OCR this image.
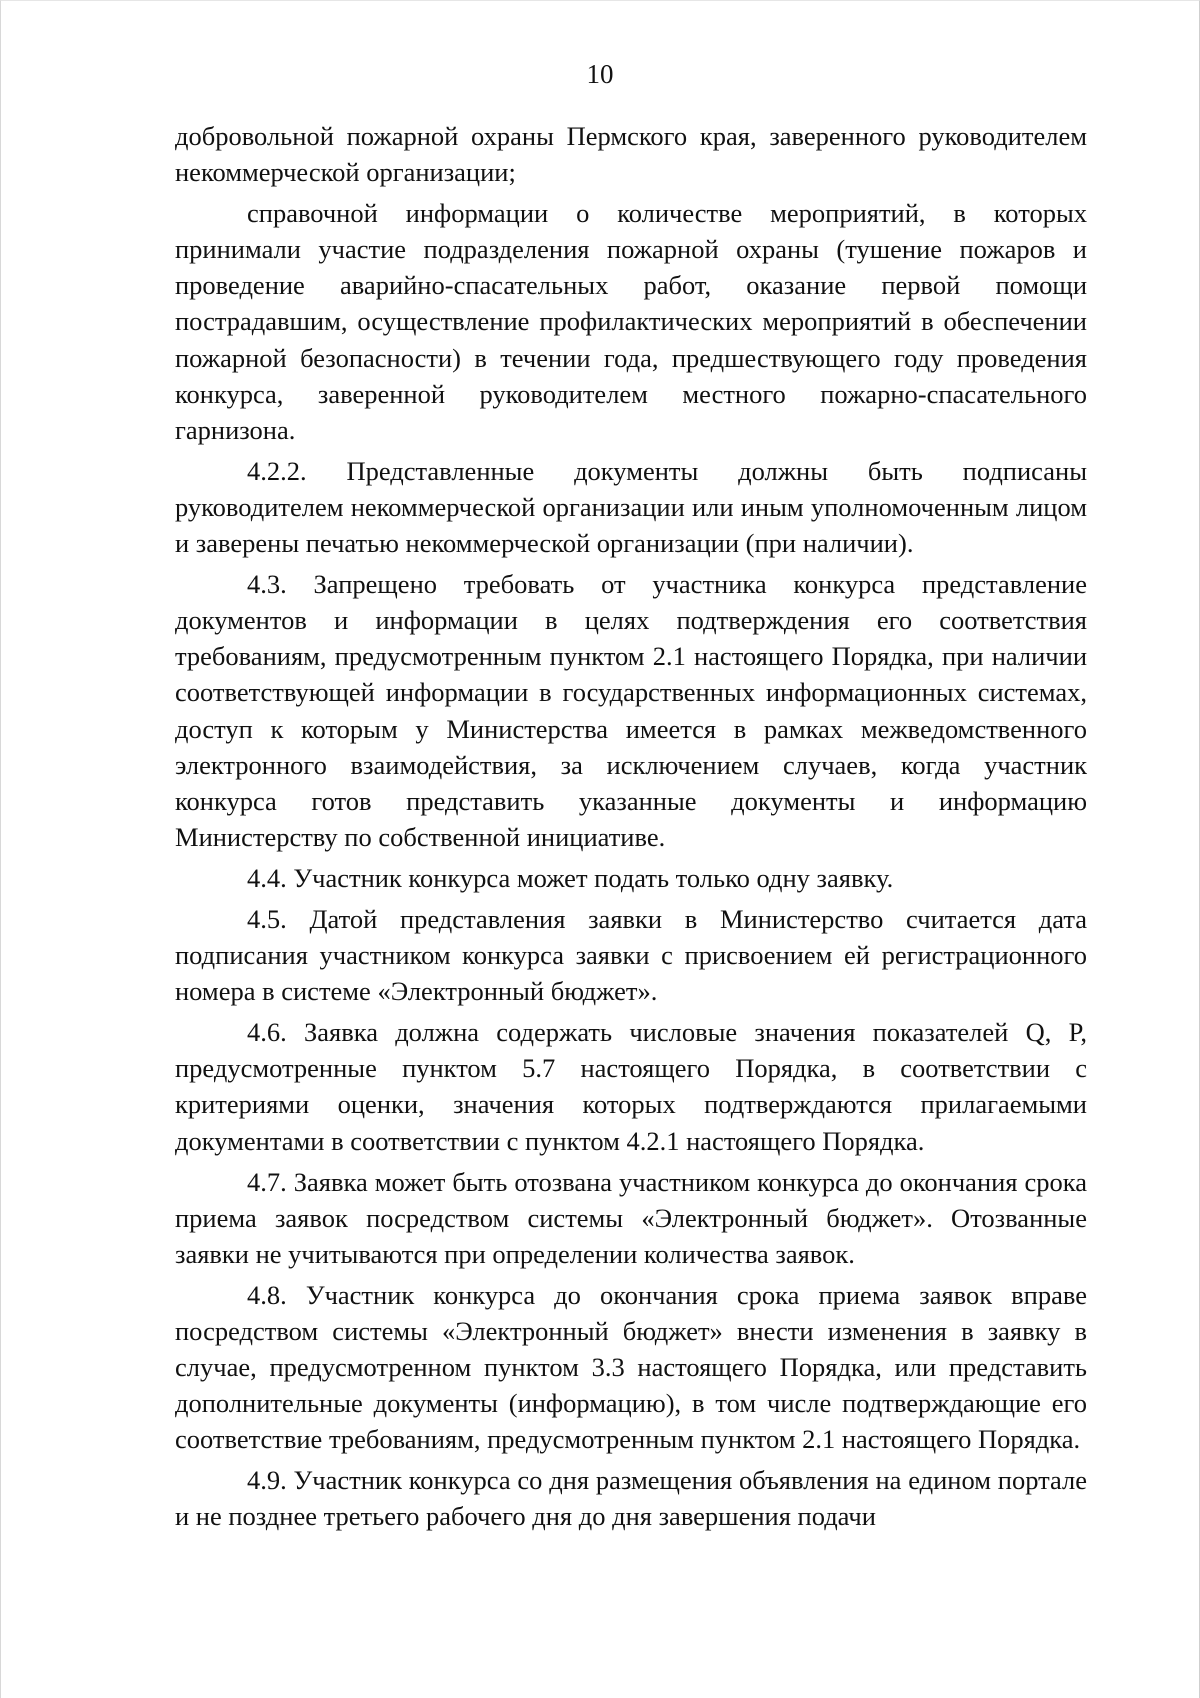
10

добровольной пожарной охраны Пермского края, заверенного руководителем некоммерческой организации;

справочной информации о количестве мероприятий, в которых принимали участие подразделения пожарной охраны (тушение пожаров и проведение аварийно-спасательных работ, оказание первой помощи пострадавшим, осуществление профилактических мероприятий в обеспечении пожарной безопасности) в течении года, предшествующего году проведения конкурса, заверенной руководителем местного пожарно-спасательного гарнизона.

4.2.2. Представленные документы должны быть подписаны руководителем некоммерческой организации или иным уполномоченным лицом и заверены печатью некоммерческой организации (при наличии).

4.3. Запрещено требовать от участника конкурса представление документов и информации в целях подтверждения его соответствия требованиям, предусмотренным пунктом 2.1 настоящего Порядка, при наличии соответствующей информации в государственных информационных системах, доступ к которым у Министерства имеется в рамках межведомственного электронного взаимодействия, за исключением случаев, когда участник конкурса готов представить указанные документы и информацию Министерству по собственной инициативе.

4.4. Участник конкурса может подать только одну заявку.

4.5. Датой представления заявки в Министерство считается дата подписания участником конкурса заявки с присвоением ей регистрационного номера в системе «Электронный бюджет».

4.6. Заявка должна содержать числовые значения показателей Q, P, предусмотренные пунктом 5.7 настоящего Порядка, в соответствии с критериями оценки, значения которых подтверждаются прилагаемыми документами в соответствии с пунктом 4.2.1 настоящего Порядка.

4.7. Заявка может быть отозвана участником конкурса до окончания срока приема заявок посредством системы «Электронный бюджет». Отозванные заявки не учитываются при определении количества заявок.

4.8. Участник конкурса до окончания срока приема заявок вправе посредством системы «Электронный бюджет» внести изменения в заявку в случае, предусмотренном пунктом 3.3 настоящего Порядка, или представить дополнительные документы (информацию), в том числе подтверждающие его соответствие требованиям, предусмотренным пунктом 2.1 настоящего Порядка.

4.9. Участник конкурса со дня размещения объявления на едином портале и не позднее третьего рабочего дня до дня завершения подачи
